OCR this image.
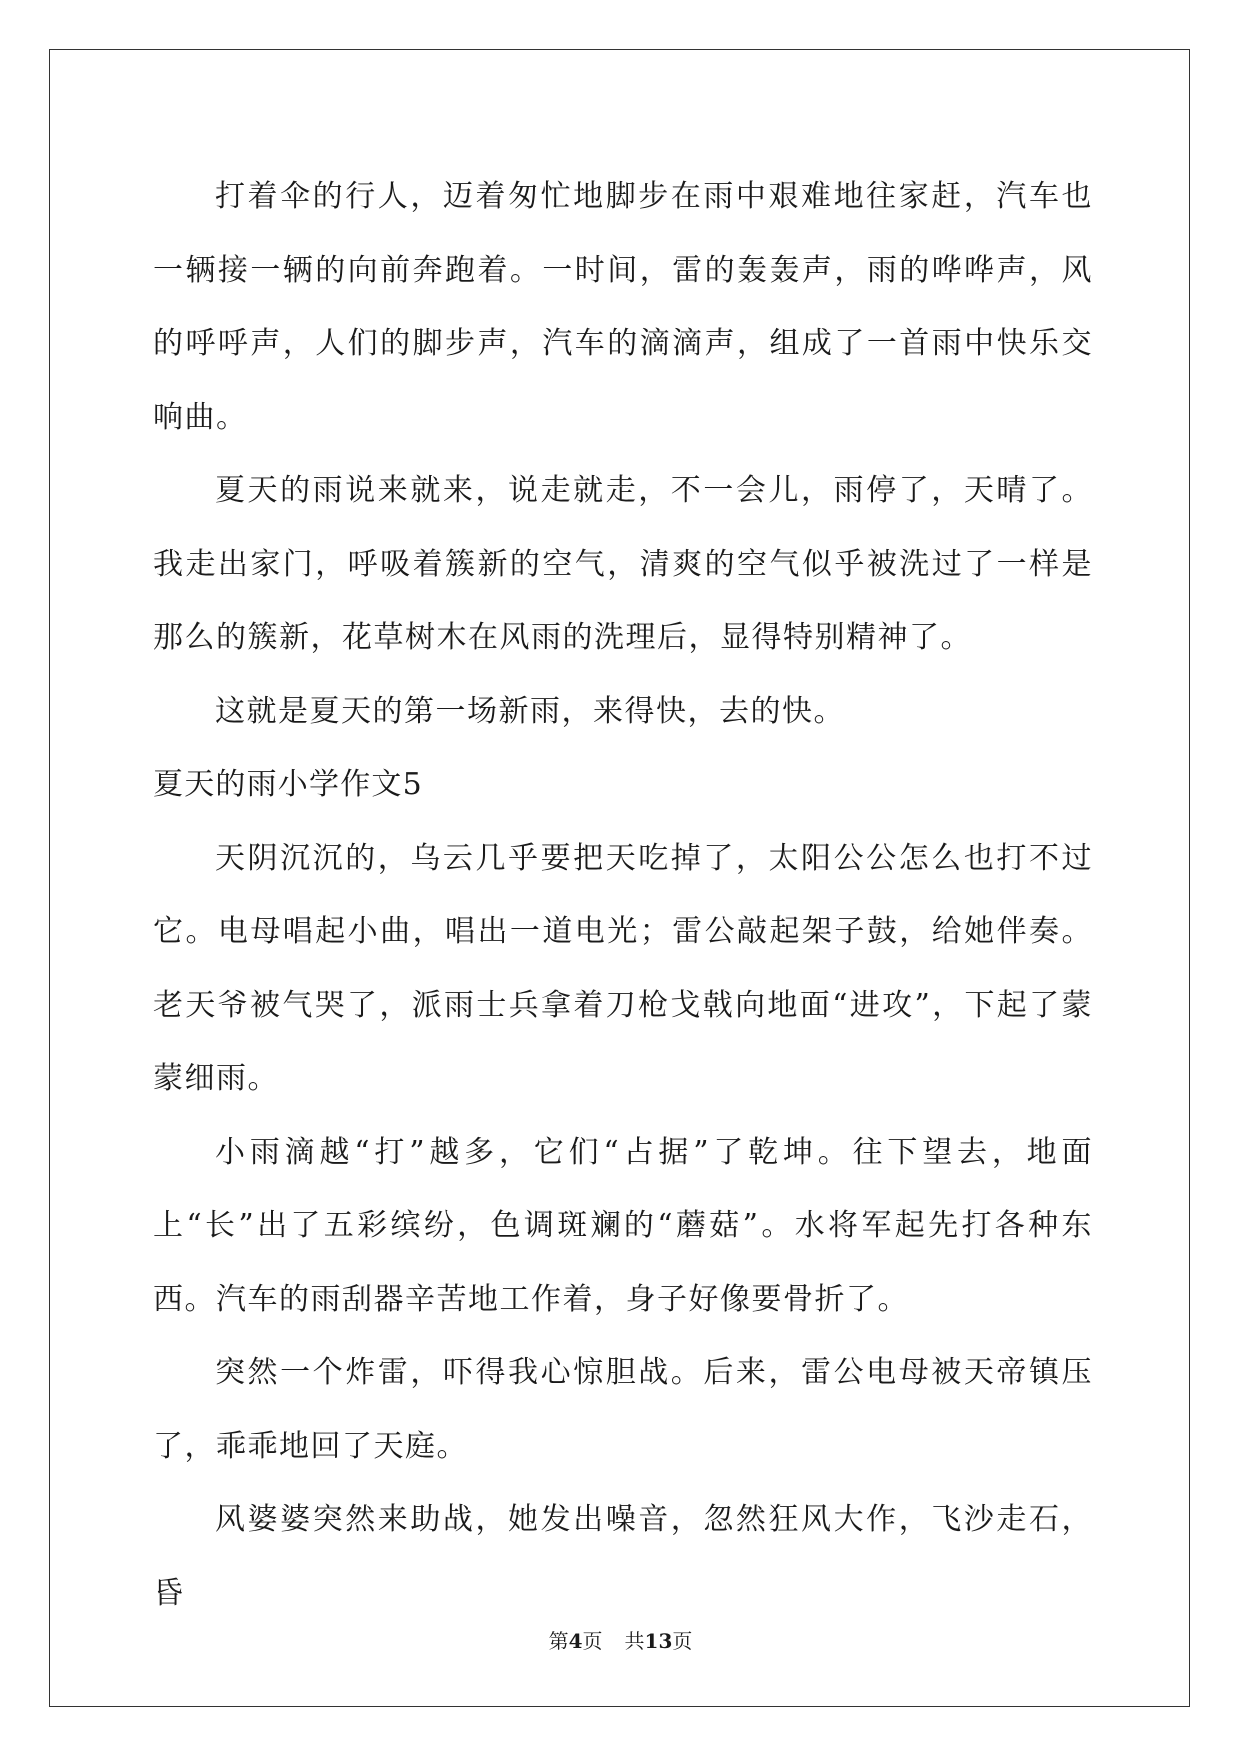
打着伞的行人，迈着匆忙地脚步在雨中艰难地往家赶，汽车也一辆接一辆的向前奔跑着。一时间，雷的轰轰声，雨的哗哗声，风的呼呼声，人们的脚步声，汽车的滴滴声，组成了一首雨中快乐交响曲。

夏天的雨说来就来，说走就走，不一会儿，雨停了，天晴了。我走出家门，呼吸着簇新的空气，清爽的空气似乎被洗过了一样是那么的簇新，花草树木在风雨的洗理后，显得特别精神了。

这就是夏天的第一场新雨，来得快，去的快。

夏天的雨小学作文5

天阴沉沉的，乌云几乎要把天吃掉了，太阳公公怎么也打不过它。电母唱起小曲，唱出一道电光；雷公敲起架子鼓，给她伴奏。老天爷被气哭了，派雨士兵拿着刀枪戈戟向地面“进攻”，下起了蒙蒙细雨。

小雨滴越“打”越多，它们“占据”了乾坤。往下望去，地面上“长”出了五彩缤纷，色调斑斓的“蘑菇”。水将军起先打各种东西。汽车的雨刮器辛苦地工作着，身子好像要骨折了。

突然一个炸雷，吓得我心惊胆战。后来，雷公电母被天帝镇压了，乖乖地回了天庭。

风婆婆突然来助战，她发出噪音，忽然狂风大作，飞沙走石，昏

第4页 共13页
